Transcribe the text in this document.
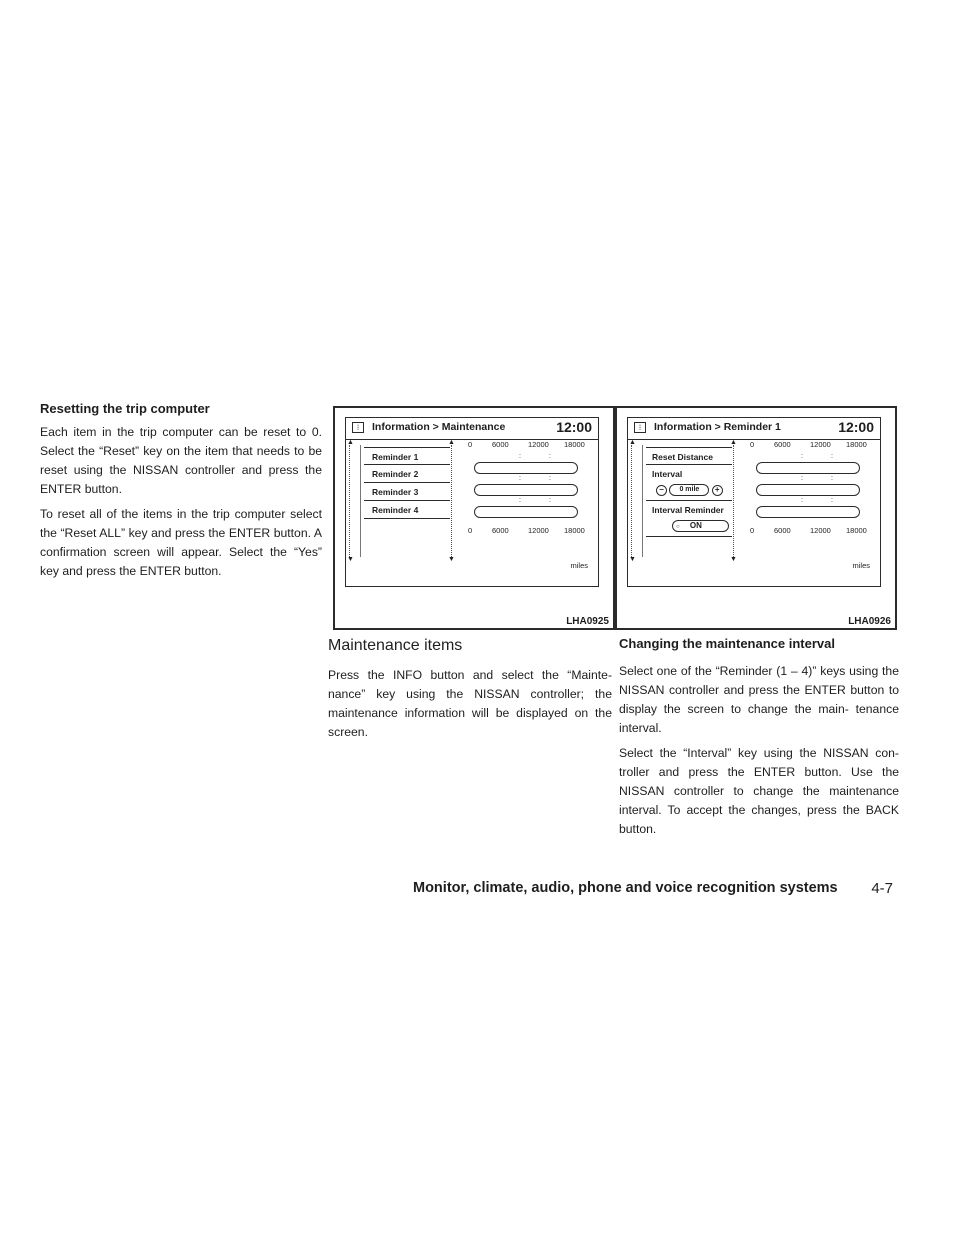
Resetting the trip computer

Each item in the trip computer can be reset to 0. Select the “Reset” key on the item that needs to be reset using the NISSAN controller and press the ENTER button.

To reset all of the items in the trip computer select the “Reset ALL” key and press the ENTER button. A confirmation screen will appear. Select the “Yes” key and press the ENTER button.

⁝	Information > Maintenance	12:00
▲ ▼
Reminder 1
Reminder 2
Reminder 3
Reminder 4
▲ ▼
0	6000	12000 18000
::
::
::
0	6000	12000 18000
miles
LHA0925
⁝	Information > Reminder 1	12:00
▲ ▼
Reset Distance
Interval
− 0 mile +
Interval Reminder
○ ON
▲ ▼
0	6000	12000 18000
::
::
::
0	6000	12000 18000
miles
LHA0926
Maintenance items

Press the INFO button and select the “Mainte- nance” key using the NISSAN controller; the maintenance information will be displayed on the screen.

Changing the maintenance interval

Select one of the “Reminder (1 – 4)” keys using the NISSAN controller and press the ENTER button to display the screen to change the main- tenance interval.

Select the “Interval” key using the NISSAN con- troller and press the ENTER button. Use the NISSAN controller to change the maintenance interval. To accept the changes, press the BACK button.

Monitor, climate, audio, phone and voice recognition systems 4-7
